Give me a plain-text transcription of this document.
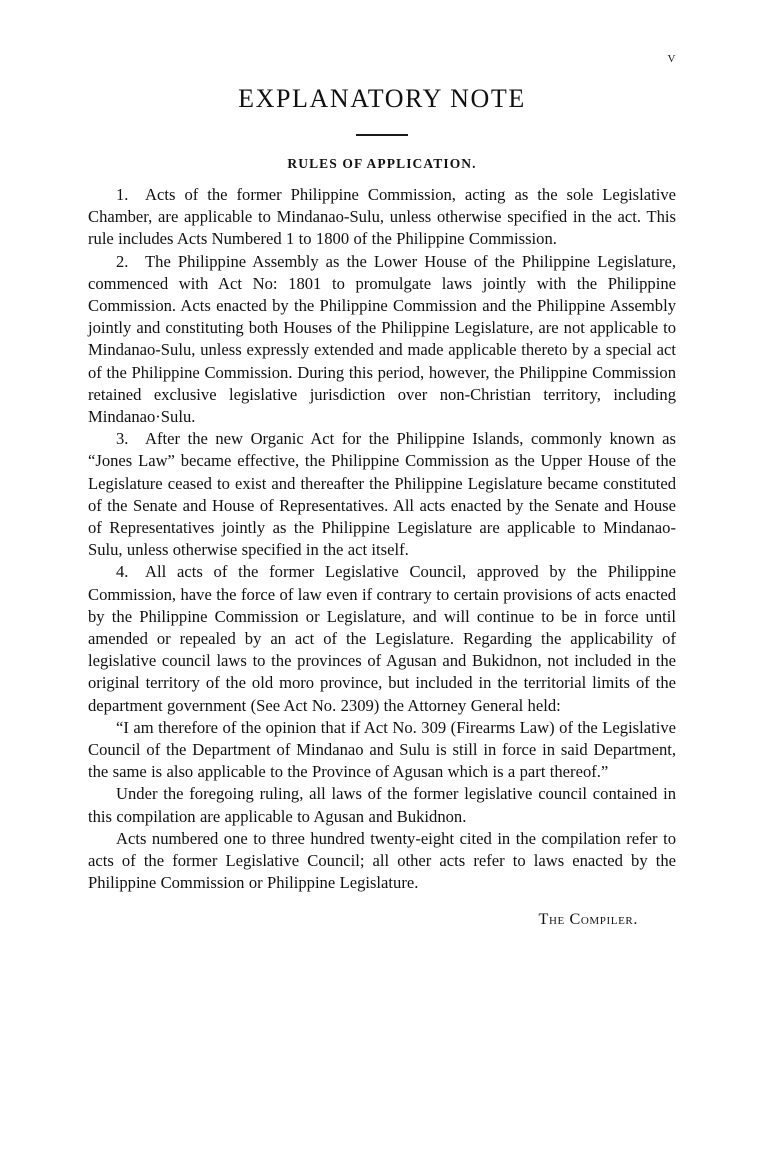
v
EXPLANATORY NOTE
RULES OF APPLICATION.

1. Acts of the former Philippine Commission, acting as the sole Legislative Chamber, are applicable to Mindanao-Sulu, unless otherwise specified in the act. This rule includes Acts Numbered 1 to 1800 of the Philippine Commission.

2. The Philippine Assembly as the Lower House of the Philippine Legislature, commenced with Act No: 1801 to promulgate laws jointly with the Philippine Commission. Acts enacted by the Philippine Commission and the Philippine Assembly jointly and constituting both Houses of the Philippine Legislature, are not applicable to Mindanao-Sulu, unless expressly extended and made applicable thereto by a special act of the Philippine Commission. During this period, however, the Philippine Commission retained exclusive legislative jurisdiction over non-Christian territory, including Mindanao·Sulu.

3. After the new Organic Act for the Philippine Islands, commonly known as “Jones Law” became effective, the Philippine Commission as the Upper House of the Legislature ceased to exist and thereafter the Philippine Legislature became constituted of the Senate and House of Representatives. All acts enacted by the Senate and House of Representatives jointly as the Philippine Legislature are applicable to Mindanao-Sulu, unless otherwise specified in the act itself.

4. All acts of the former Legislative Council, approved by the Philippine Commission, have the force of law even if contrary to certain provisions of acts enacted by the Philippine Commission or Legislature, and will continue to be in force until amended or repealed by an act of the Legislature. Regarding the applicability of legislative council laws to the provinces of Agusan and Bukidnon, not included in the original territory of the old moro province, but included in the territorial limits of the department government (See Act No. 2309) the Attorney General held:

“I am therefore of the opinion that if Act No. 309 (Firearms Law) of the Legislative Council of the Department of Mindanao and Sulu is still in force in said Department, the same is also applicable to the Province of Agusan which is a part thereof.”

Under the foregoing ruling, all laws of the former legislative council contained in this compilation are applicable to Agusan and Bukidnon.

Acts numbered one to three hundred twenty-eight cited in the compilation refer to acts of the former Legislative Council; all other acts refer to laws enacted by the Philippine Commission or Philippine Legislature.

The Compiler.
